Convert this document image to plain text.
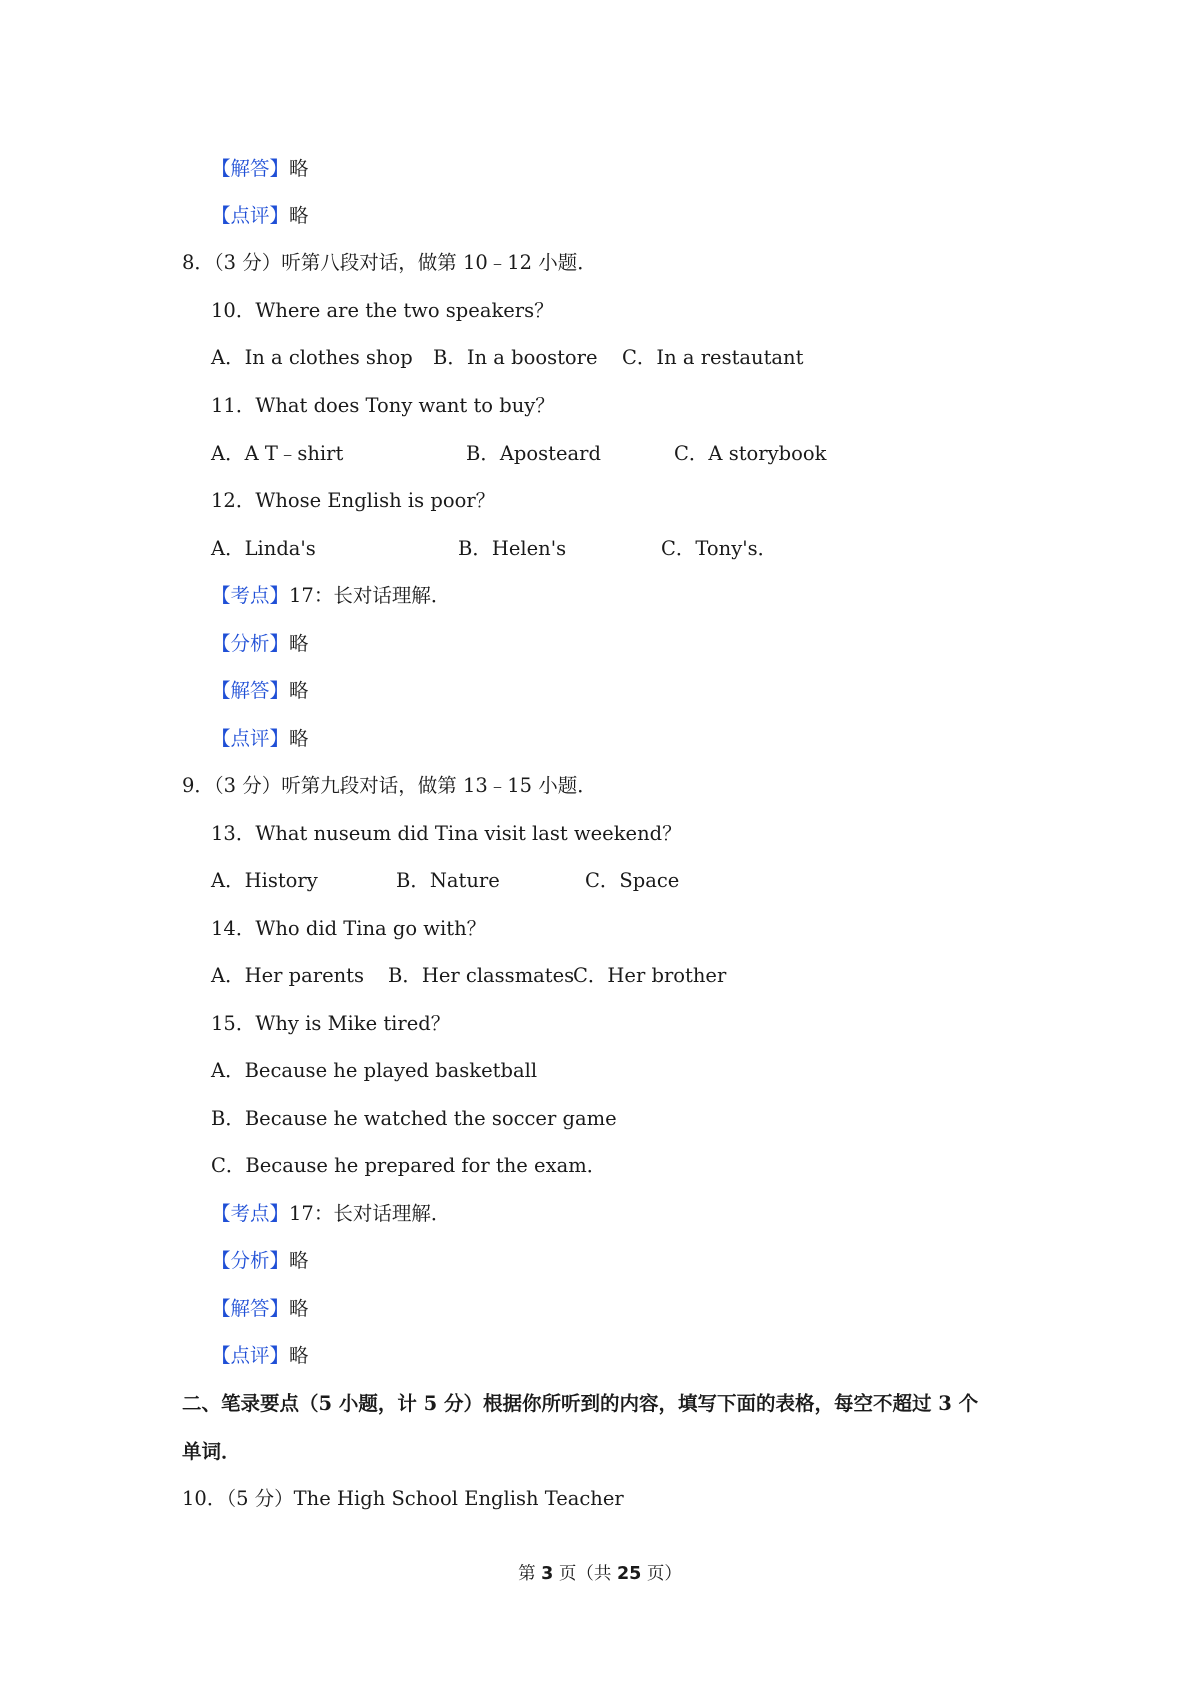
【解答】略
【点评】略
8．（3 分）听第八段对话，做第 10﹣12 小题．
10．Where are the two speakers？
A．In a clothes shop B．In a boostore C．In a restautant
11．What does Tony want to buy？
A．A T﹣shirt	B．Aposteard	C．A storybook
12．Whose English is poor？
A．Linda's	B．Helen's	C．Tony's．
【考点】17：长对话理解．
【分析】略
【解答】略
【点评】略
9．（3 分）听第九段对话，做第 13﹣15 小题．
13．What nuseum did Tina visit last weekend？
A．History	B．Nature	C．Space
14．Who did Tina go with？
A．Her parents B．Her classmates
C．Her brother
15．Why is Mike tired？
A．Because he played basketball
B．Because he watched the soccer game
C．Because he prepared for the exam．
【考点】17：长对话理解．
【分析】略
【解答】略
【点评】略
二、笔录要点（5 小题，计 5 分）根据你所听到的内容，填写下面的表格，每空不超过 3 个
单词．
10．（5 分）The High School English Teacher
第 3 页（共 25 页）
